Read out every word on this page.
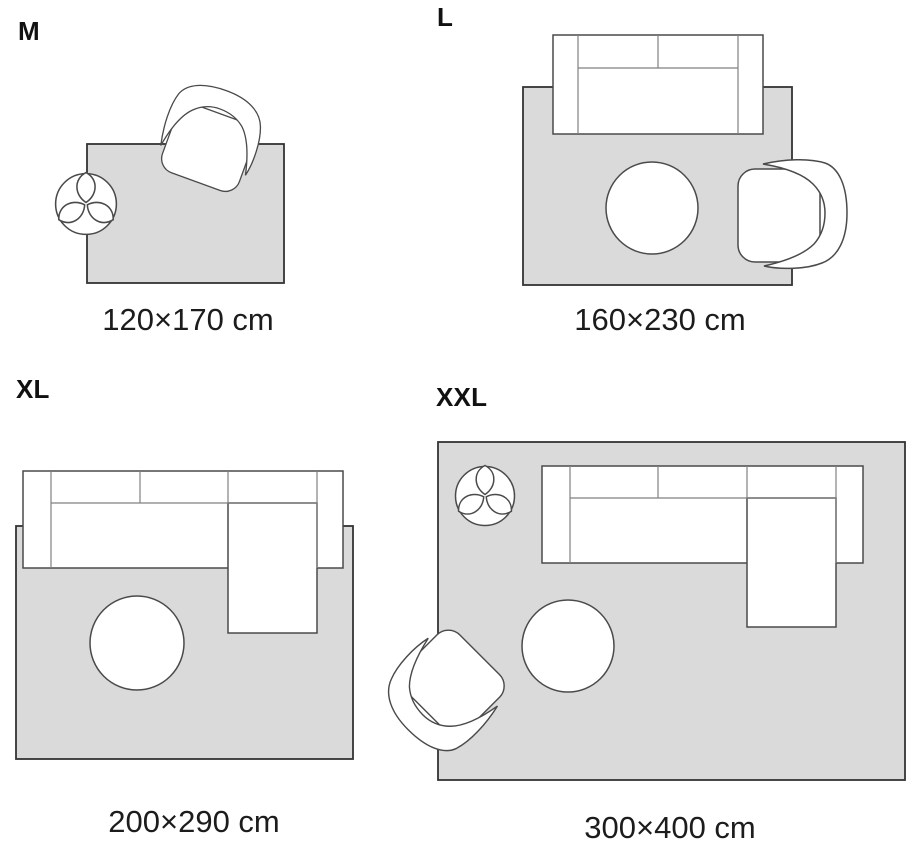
M	L
XL	XXL
120×170 cm	160×230 cm
200×290 cm	300×400 cm
